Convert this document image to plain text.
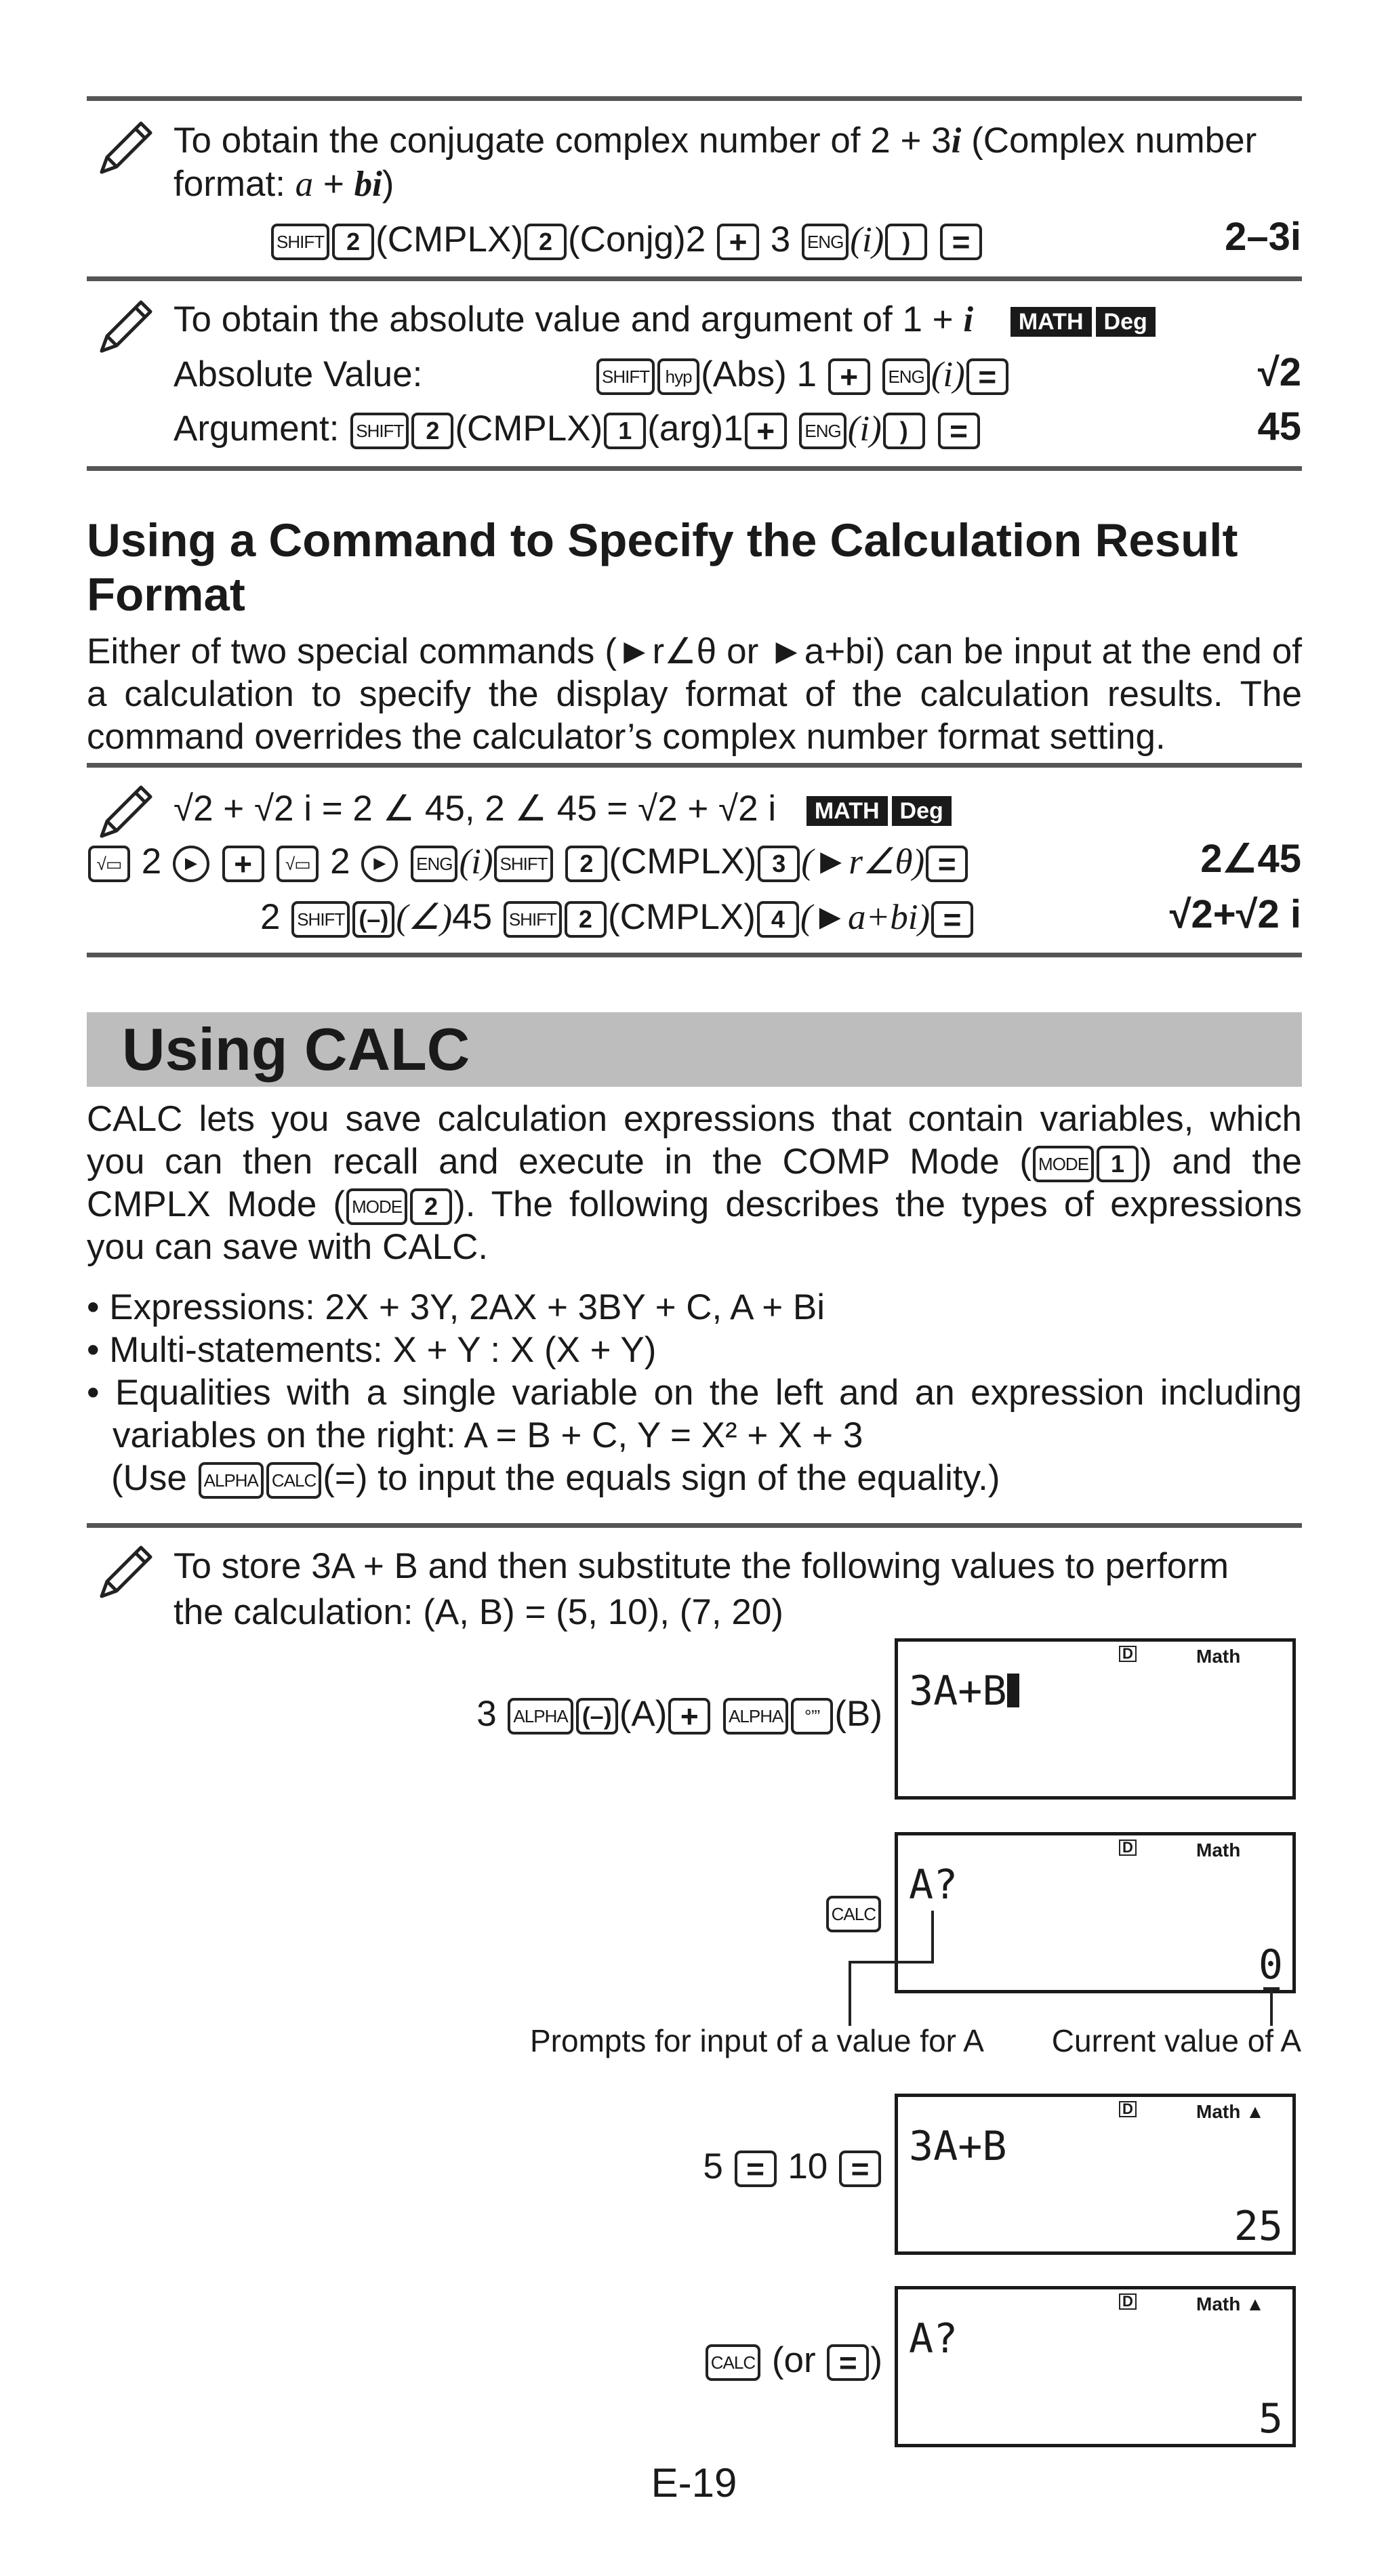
To obtain the conjugate complex number of 2 + 3i (Complex number
format: a + bi)
SHIFT 2 (CMPLX) 2 (Conjg)2 + 3 ENG (i) ) =	2–3i
To obtain the absolute value and argument of 1 + i MATH Deg
Absolute Value:	SHIFT hyp (Abs) 1 + ENG (i) =	√2
Argument: SHIFT 2 (CMPLX) 1 (arg)1 + ENG (i) ) =	45
Using a Command to Specify the Calculation Result
Format
Either of two special commands (►r∠θ or ►a+bi) can be input at the end of a calculation to specify the display format of the calculation results. The command overrides the calculator’s complex number format setting.
√2 + √2 i = 2 ∠ 45, 2 ∠ 45 = √2 + √2 i MATH Deg
√▭ 2 ► + √▭ 2 ► ENG (i) SHIFT 2 (CMPLX) 3 (►r∠θ) =	2∠45
2 SHIFT (–) (∠)45 SHIFT 2 (CMPLX) 4 (►a+bi) =	√2+√2 i
Using CALC
CALC lets you save calculation expressions that contain variables, which you can then recall and execute in the COMP Mode ( MODE 1 ) and the CMPLX Mode ( MODE 2 ). The following describes the types of expressions you can save with CALC.
• Expressions: 2X + 3Y, 2AX + 3BY + C, A + Bi
• Multi-statements: X + Y : X (X + Y)
• Equalities with a single variable on the left and an expression including variables on the right: A = B + C, Y = X² + X + 3
(Use ALPHA CALC (=) to input the equals sign of the equality.)
To store 3A + B and then substitute the following values to perform
the calculation: (A, B) = (5, 10), (7, 20)
3 ALPHA (–) (A) + ALPHA °’’’ (B)
D	Math
3A+B
CALC
D	Math
A?
0
Prompts for input of a value for A Current value of A
5 = 10 =
D	Math ▲
3A+B
25
CALC (or = )
D	Math ▲
A?
5
E-19
